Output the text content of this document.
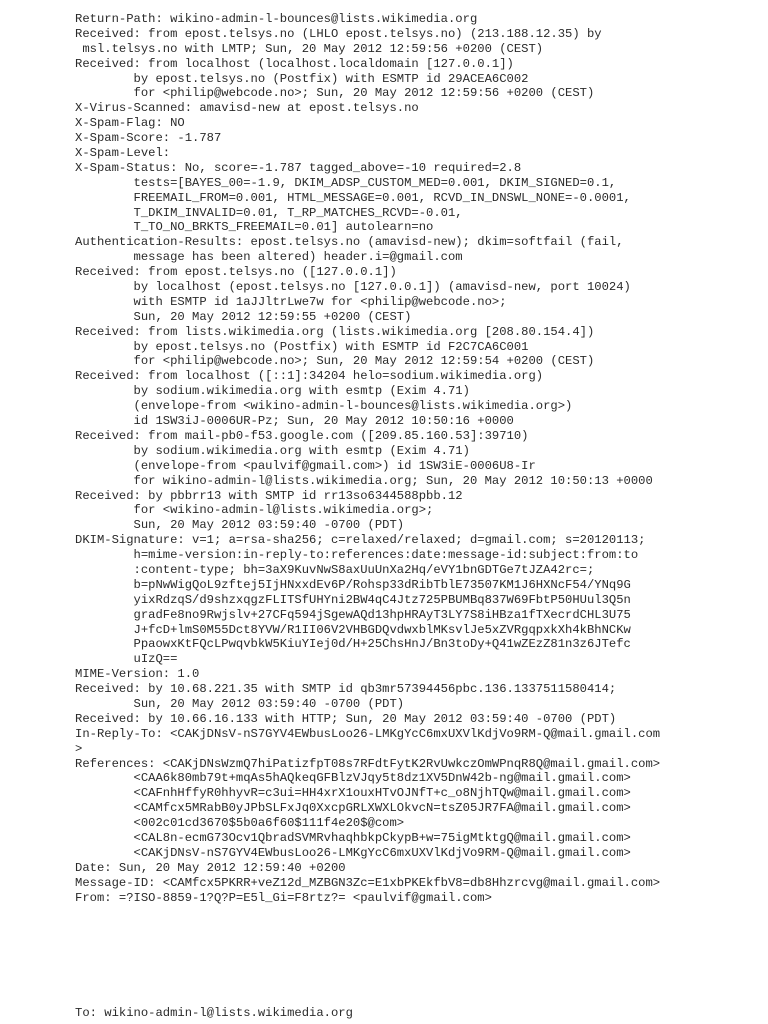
Return-Path: wikino-admin-l-bounces@lists.wikimedia.org
Received: from epost.telsys.no (LHLO epost.telsys.no) (213.188.12.35) by
msl.telsys.no with LMTP; Sun, 20 May 2012 12:59:56 +0200 (CEST)
Received: from localhost (localhost.localdomain [127.0.0.1])
by epost.telsys.no (Postfix) with ESMTP id 29ACEA6C002
for <philip@webcode.no>; Sun, 20 May 2012 12:59:56 +0200 (CEST)
X-Virus-Scanned: amavisd-new at epost.telsys.no
X-Spam-Flag: NO
X-Spam-Score: -1.787
X-Spam-Level:
X-Spam-Status: No, score=-1.787 tagged_above=-10 required=2.8
tests=[BAYES_00=-1.9, DKIM_ADSP_CUSTOM_MED=0.001, DKIM_SIGNED=0.1,
FREEMAIL_FROM=0.001, HTML_MESSAGE=0.001, RCVD_IN_DNSWL_NONE=-0.0001,
T_DKIM_INVALID=0.01, T_RP_MATCHES_RCVD=-0.01,
T_TO_NO_BRKTS_FREEMAIL=0.01] autolearn=no
Authentication-Results: epost.telsys.no (amavisd-new); dkim=softfail (fail,
message has been altered) header.i=@gmail.com
Received: from epost.telsys.no ([127.0.0.1])
by localhost (epost.telsys.no [127.0.0.1]) (amavisd-new, port 10024)
with ESMTP id 1aJJltrLwe7w for <philip@webcode.no>;
Sun, 20 May 2012 12:59:55 +0200 (CEST)
Received: from lists.wikimedia.org (lists.wikimedia.org [208.80.154.4])
by epost.telsys.no (Postfix) with ESMTP id F2C7CA6C001
for <philip@webcode.no>; Sun, 20 May 2012 12:59:54 +0200 (CEST)
Received: from localhost ([::1]:34204 helo=sodium.wikimedia.org)
by sodium.wikimedia.org with esmtp (Exim 4.71)
(envelope-from <wikino-admin-l-bounces@lists.wikimedia.org>)
id 1SW3iJ-0006UR-Pz; Sun, 20 May 2012 10:50:16 +0000
Received: from mail-pb0-f53.google.com ([209.85.160.53]:39710)
by sodium.wikimedia.org with esmtp (Exim 4.71)
(envelope-from <paulvif@gmail.com>) id 1SW3iE-0006U8-Ir
for wikino-admin-l@lists.wikimedia.org; Sun, 20 May 2012 10:50:13 +0000
Received: by pbbrr13 with SMTP id rr13so6344588pbb.12
for <wikino-admin-l@lists.wikimedia.org>;
Sun, 20 May 2012 03:59:40 -0700 (PDT)
DKIM-Signature: v=1; a=rsa-sha256; c=relaxed/relaxed; d=gmail.com; s=20120113;
h=mime-version:in-reply-to:references:date:message-id:subject:from:to
:content-type; bh=3aX9KuvNwS8axUuUnXa2Hq/eVY1bnGDTGe7tJZA42rc=;
b=pNwWigQoL9zftej5IjHNxxdEv6P/Rohsp33dRibTblE73507KM1J6HXNcF54/YNq9G
yixRdzqS/d9shzxqgzFLITSfUHYni2BW4qC4Jtz725PBUMBq837W69FbtP50HUul3Q5n
gradFe8no9Rwjslv+27CFq594jSgewAQd13hpHRAyT3LY7S8iHBza1fTXecrdCHL3U75
J+fcD+lmS0M55Dct8YVW/R1II06V2VHBGDQvdwxblMKsvlJe5xZVRgqpxkXh4kBhNCKw
PpaowxKtFQcLPwqvbkW5KiuYIej0d/H+25ChsHnJ/Bn3toDy+Q41wZEzZ81n3z6JTefc
uIzQ==
MIME-Version: 1.0
Received: by 10.68.221.35 with SMTP id qb3mr57394456pbc.136.1337511580414;
Sun, 20 May 2012 03:59:40 -0700 (PDT)
Received: by 10.66.16.133 with HTTP; Sun, 20 May 2012 03:59:40 -0700 (PDT)
In-Reply-To: <CAKjDNsV-nS7GYV4EWbusLoo26-LMKgYcC6mxUXVlKdjVo9RM-Q@mail.gmail.com
>
References: <CAKjDNsWzmQ7hiPatizfpT08s7RFdtFytK2RvUwkczOmWPnqR8Q@mail.gmail.com>
<CAA6k80mb79t+mqAs5hAQkeqGFBlzVJqy5t8dz1XV5DnW42b-ng@mail.gmail.com>
<CAFnhHffyR0hhyvR=c3ui=HH4xrX1ouxHTvOJNfT+c_o8NjhTQw@mail.gmail.com>
<CAMfcx5MRabB0yJPbSLFxJq0XxcpGRLXWXLOkvcN=tsZ05JR7FA@mail.gmail.com>
<002c01cd3670$5b0a6f60$111f4e20$@com>
<CAL8n-ecmG73Ocv1QbradSVMRvhaqhbkpCkypB+w=75igMtktgQ@mail.gmail.com>
<CAKjDNsV-nS7GYV4EWbusLoo26-LMKgYcC6mxUXVlKdjVo9RM-Q@mail.gmail.com>
Date: Sun, 20 May 2012 12:59:40 +0200
Message-ID: <CAMfcx5PKRR+veZ12d_MZBGN3Zc=E1xbPKEkfbV8=db8Hhzrcvg@mail.gmail.com>
From: =?ISO-8859-1?Q?P=E5l_Gi=F8rtz?= <paulvif@gmail.com>
To: wikino-admin-l@lists.wikimedia.org
